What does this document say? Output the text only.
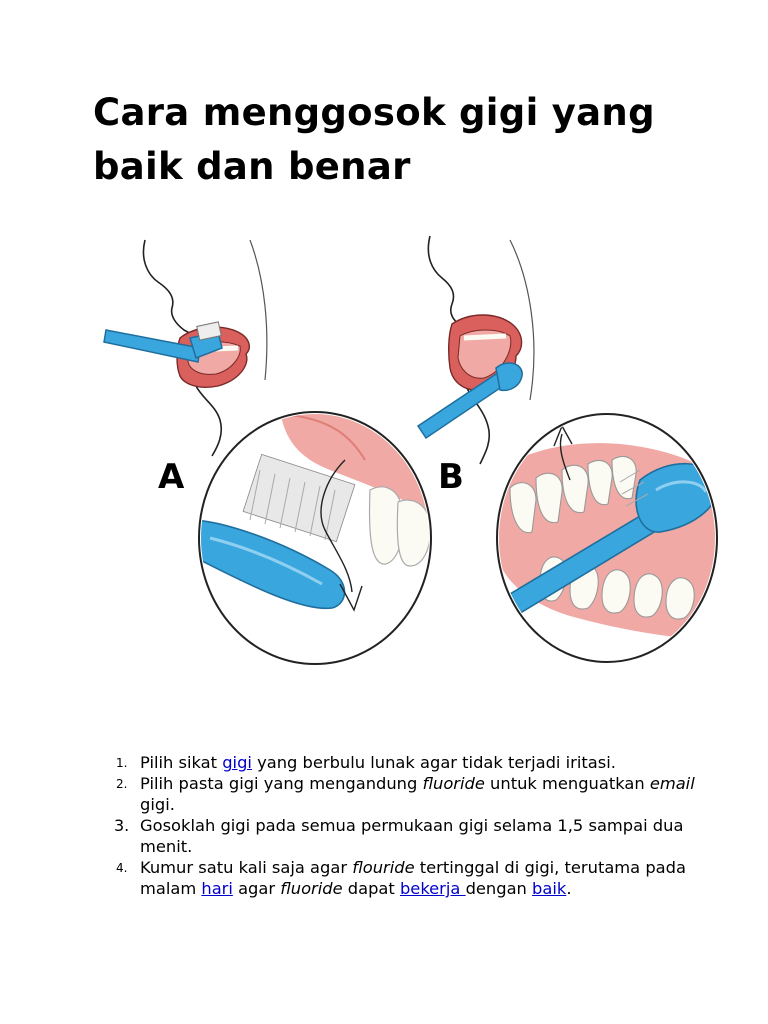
Cara menggosok gigi yang baik dan benar
A	B
1. Pilih sikat gigi yang berbulu lunak agar tidak terjadi iritasi.
2. Pilih pasta gigi yang mengandung fluoride untuk menguatkan email gigi.
3. Gosoklah gigi pada semua permukaan gigi selama 1,5 sampai dua menit.
4. Kumur satu kali saja agar flouride tertinggal di gigi, terutama pada malam hari agar fluoride dapat bekerja dengan baik.
